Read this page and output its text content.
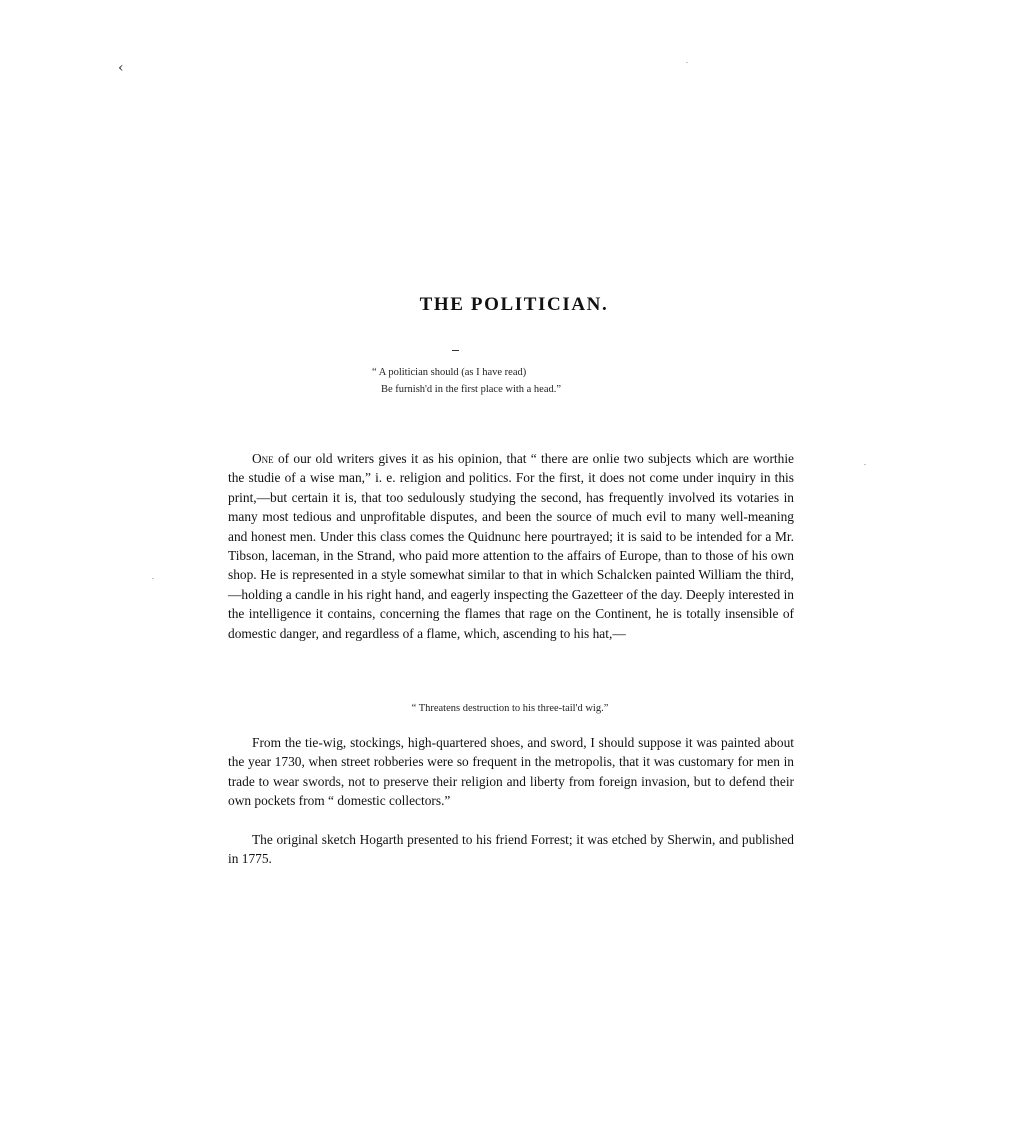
‹	·
·
·
THE POLITICIAN.
“ A politician should (as I have read)
Be furnish'd in the first place with a head.”

One of our old writers gives it as his opinion, that “ there are onlie two subjects which are worthie the studie of a wise man,” i. e. religion and politics. For the first, it does not come under inquiry in this print,—but certain it is, that too sedulously studying the second, has frequently involved its votaries in many most tedious and unprofitable disputes, and been the source of much evil to many well-meaning and honest men. Under this class comes the Quidnunc here pourtrayed; it is said to be intended for a Mr. Tibson, laceman, in the Strand, who paid more attention to the affairs of Europe, than to those of his own shop. He is represented in a style somewhat similar to that in which Schalcken painted William the third,—holding a candle in his right hand, and eagerly inspecting the Gazetteer of the day. Deeply interested in the intelligence it contains, concerning the flames that rage on the Continent, he is totally insensible of domestic danger, and regardless of a flame, which, ascending to his hat,—

“ Threatens destruction to his three-tail'd wig.”

From the tie-wig, stockings, high-quartered shoes, and sword, I should suppose it was painted about the year 1730, when street robberies were so frequent in the metropolis, that it was customary for men in trade to wear swords, not to preserve their religion and liberty from foreign invasion, but to defend their own pockets from “ domestic collectors.”

The original sketch Hogarth presented to his friend Forrest; it was etched by Sherwin, and published in 1775.
